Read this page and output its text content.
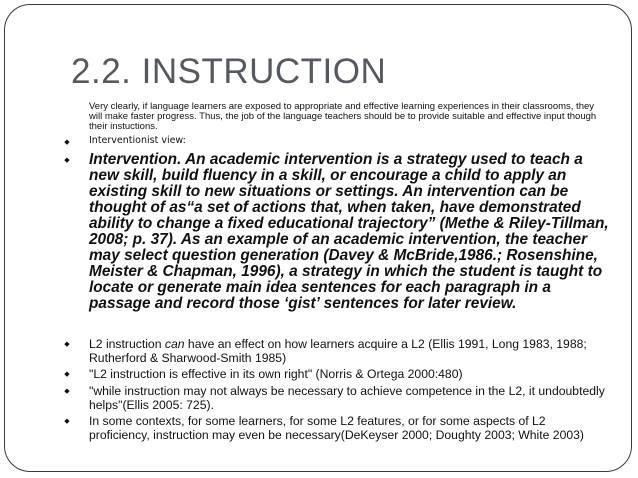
2.2. INSTRUCTION
Very clearly, if language learners are exposed to appropriate and effective learning experiences in their classrooms, they will make faster progress. Thus, the job of the language teachers should be to provide suitable and effective input though their instuctions.
◆ Interventionist view:
◆ Intervention. An academic intervention is a strategy used to teach a new skill, build fluency in a skill, or encourage a child to apply an existing skill to new situations or settings. An intervention can be thought of as“a set of actions that, when taken, have demonstrated ability to change a fixed educational trajectory” (Methe & Riley-Tillman, 2008; p. 37). As an example of an academic intervention, the teacher may select question generation (Davey & McBride,1986.; Rosenshine, Meister & Chapman, 1996), a strategy in which the student is taught to locate or generate main idea sentences for each paragraph in a passage and record those ‘gist’ sentences for later review.
◆ L2 instruction can have an effect on how learners acquire a L2 (Ellis 1991, Long 1983, 1988; Rutherford & Sharwood-Smith 1985)
◆ "L2 instruction is effective in its own right" (Norris & Ortega 2000:480)
◆ "while instruction may not always be necessary to achieve competence in the L2, it undoubtedly helps"(Ellis 2005: 725).
◆ In some contexts, for some learners, for some L2 features, or for some aspects of L2 proficiency, instruction may even be necessary(DeKeyser 2000; Doughty 2003; White 2003)
